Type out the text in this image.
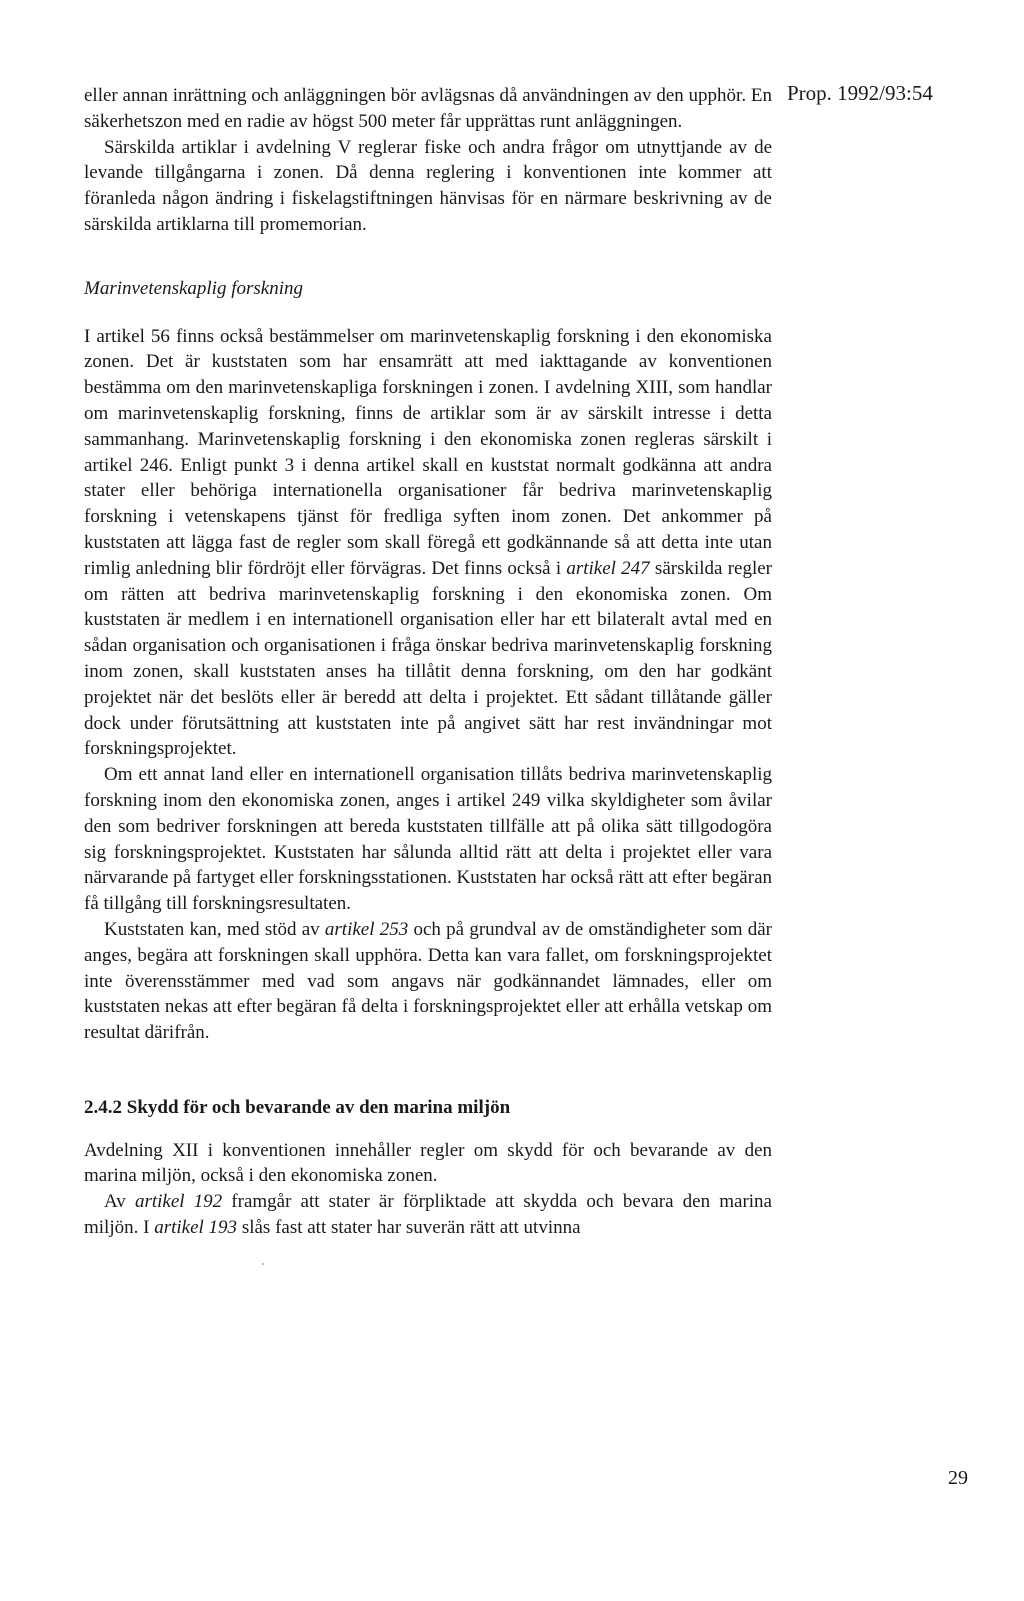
Prop. 1992/93:54

eller annan inrättning och anläggningen bör avlägsnas då användningen av den upphör. En säkerhetszon med en radie av högst 500 meter får upprättas runt anläggningen.

Särskilda artiklar i avdelning V reglerar fiske och andra frågor om utnyttjande av de levande tillgångarna i zonen. Då denna reglering i konventionen inte kommer att föranleda någon ändring i fiskelagstiftningen hänvisas för en närmare beskrivning av de särskilda artiklarna till promemorian.

Marinvetenskaplig forskning

I artikel 56 finns också bestämmelser om marinvetenskaplig forskning i den ekonomiska zonen. Det är kuststaten som har ensamrätt att med iakttagande av konventionen bestämma om den marinvetenskapliga forskningen i zonen. I avdelning XIII, som handlar om marinvetenskaplig forskning, finns de artiklar som är av särskilt intresse i detta sammanhang. Marinvetenskaplig forskning i den ekonomiska zonen regleras särskilt i artikel 246. Enligt punkt 3 i denna artikel skall en kuststat normalt godkänna att andra stater eller behöriga internationella organisationer får bedriva marinvetenskaplig forskning i vetenskapens tjänst för fredliga syften inom zonen. Det ankommer på kuststaten att lägga fast de regler som skall föregå ett godkännande så att detta inte utan rimlig anledning blir fördröjt eller förvägras. Det finns också i artikel 247 särskilda regler om rätten att bedriva marinvetenskaplig forskning i den ekonomiska zonen. Om kuststaten är medlem i en internationell organisation eller har ett bilateralt avtal med en sådan organisation och organisationen i fråga önskar bedriva marinvetenskaplig forskning inom zonen, skall kuststaten anses ha tillåtit denna forskning, om den har godkänt projektet när det beslöts eller är beredd att delta i projektet. Ett sådant tillåtande gäller dock under förutsättning att kuststaten inte på angivet sätt har rest invändningar mot forskningsprojektet.

Om ett annat land eller en internationell organisation tillåts bedriva marinvetenskaplig forskning inom den ekonomiska zonen, anges i artikel 249 vilka skyldigheter som åvilar den som bedriver forskningen att bereda kuststaten tillfälle att på olika sätt tillgodogöra sig forskningsprojektet. Kuststaten har sålunda alltid rätt att delta i projektet eller vara närvarande på fartyget eller forskningsstationen. Kuststaten har också rätt att efter begäran få tillgång till forskningsresultaten.

Kuststaten kan, med stöd av artikel 253 och på grundval av de omständigheter som där anges, begära att forskningen skall upphöra. Detta kan vara fallet, om forskningsprojektet inte överensstämmer med vad som angavs när godkännandet lämnades, eller om kuststaten nekas att efter begäran få delta i forskningsprojektet eller att erhålla vetskap om resultat därifrån.

2.4.2 Skydd för och bevarande av den marina miljön

Avdelning XII i konventionen innehåller regler om skydd för och bevarande av den marina miljön, också i den ekonomiska zonen.

Av artikel 192 framgår att stater är förpliktade att skydda och bevara den marina miljön. I artikel 193 slås fast att stater har suverän rätt att utvinna

29
